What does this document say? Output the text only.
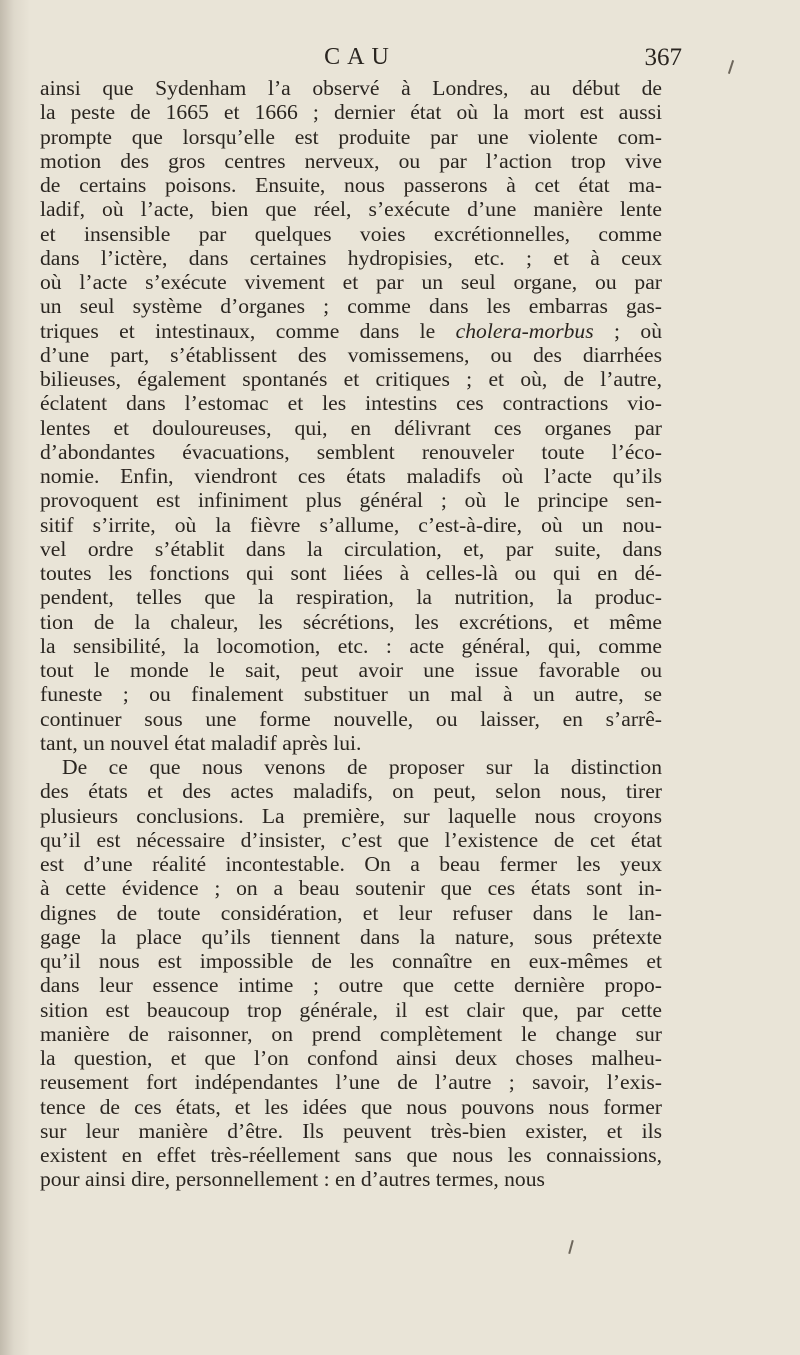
CAU	367
ainsi que Sydenham l’a observé à Londres, au début de
la peste de 1665 et 1666 ; dernier état où la mort est aussi
prompte que lorsqu’elle est produite par une violente com-
motion des gros centres nerveux, ou par l’action trop vive
de certains poisons. Ensuite, nous passerons à cet état ma-
ladif, où l’acte, bien que réel, s’exécute d’une manière lente
et insensible par quelques voies excrétionnelles, comme
dans l’ictère, dans certaines hydropisies, etc. ; et à ceux
où l’acte s’exécute vivement et par un seul organe, ou par
un seul système d’organes ; comme dans les embarras gas-
triques et intestinaux, comme dans le cholera-morbus ; où
d’une part, s’établissent des vomissemens, ou des diarrhées
bilieuses, également spontanés et critiques ; et où, de l’autre,
éclatent dans l’estomac et les intestins ces contractions vio-
lentes et douloureuses, qui, en délivrant ces organes par
d’abondantes évacuations, semblent renouveler toute l’éco-
nomie. Enfin, viendront ces états maladifs où l’acte qu’ils
provoquent est infiniment plus général ; où le principe sen-
sitif s’irrite, où la fièvre s’allume, c’est-à-dire, où un nou-
vel ordre s’établit dans la circulation, et, par suite, dans
toutes les fonctions qui sont liées à celles-là ou qui en dé-
pendent, telles que la respiration, la nutrition, la produc-
tion de la chaleur, les sécrétions, les excrétions, et même
la sensibilité, la locomotion, etc. : acte général, qui, comme
tout le monde le sait, peut avoir une issue favorable ou
funeste ; ou finalement substituer un mal à un autre, se
continuer sous une forme nouvelle, ou laisser, en s’arrê-
tant, un nouvel état maladif après lui.
De ce que nous venons de proposer sur la distinction
des états et des actes maladifs, on peut, selon nous, tirer
plusieurs conclusions. La première, sur laquelle nous croyons
qu’il est nécessaire d’insister, c’est que l’existence de cet état
est d’une réalité incontestable. On a beau fermer les yeux
à cette évidence ; on a beau soutenir que ces états sont in-
dignes de toute considération, et leur refuser dans le lan-
gage la place qu’ils tiennent dans la nature, sous prétexte
qu’il nous est impossible de les connaître en eux-mêmes et
dans leur essence intime ; outre que cette dernière propo-
sition est beaucoup trop générale, il est clair que, par cette
manière de raisonner, on prend complètement le change sur
la question, et que l’on confond ainsi deux choses malheu-
reusement fort indépendantes l’une de l’autre ; savoir, l’exis-
tence de ces états, et les idées que nous pouvons nous former
sur leur manière d’être. Ils peuvent très-bien exister, et ils
existent en effet très-réellement sans que nous les connaissions,
pour ainsi dire, personnellement : en d’autres termes, nous
